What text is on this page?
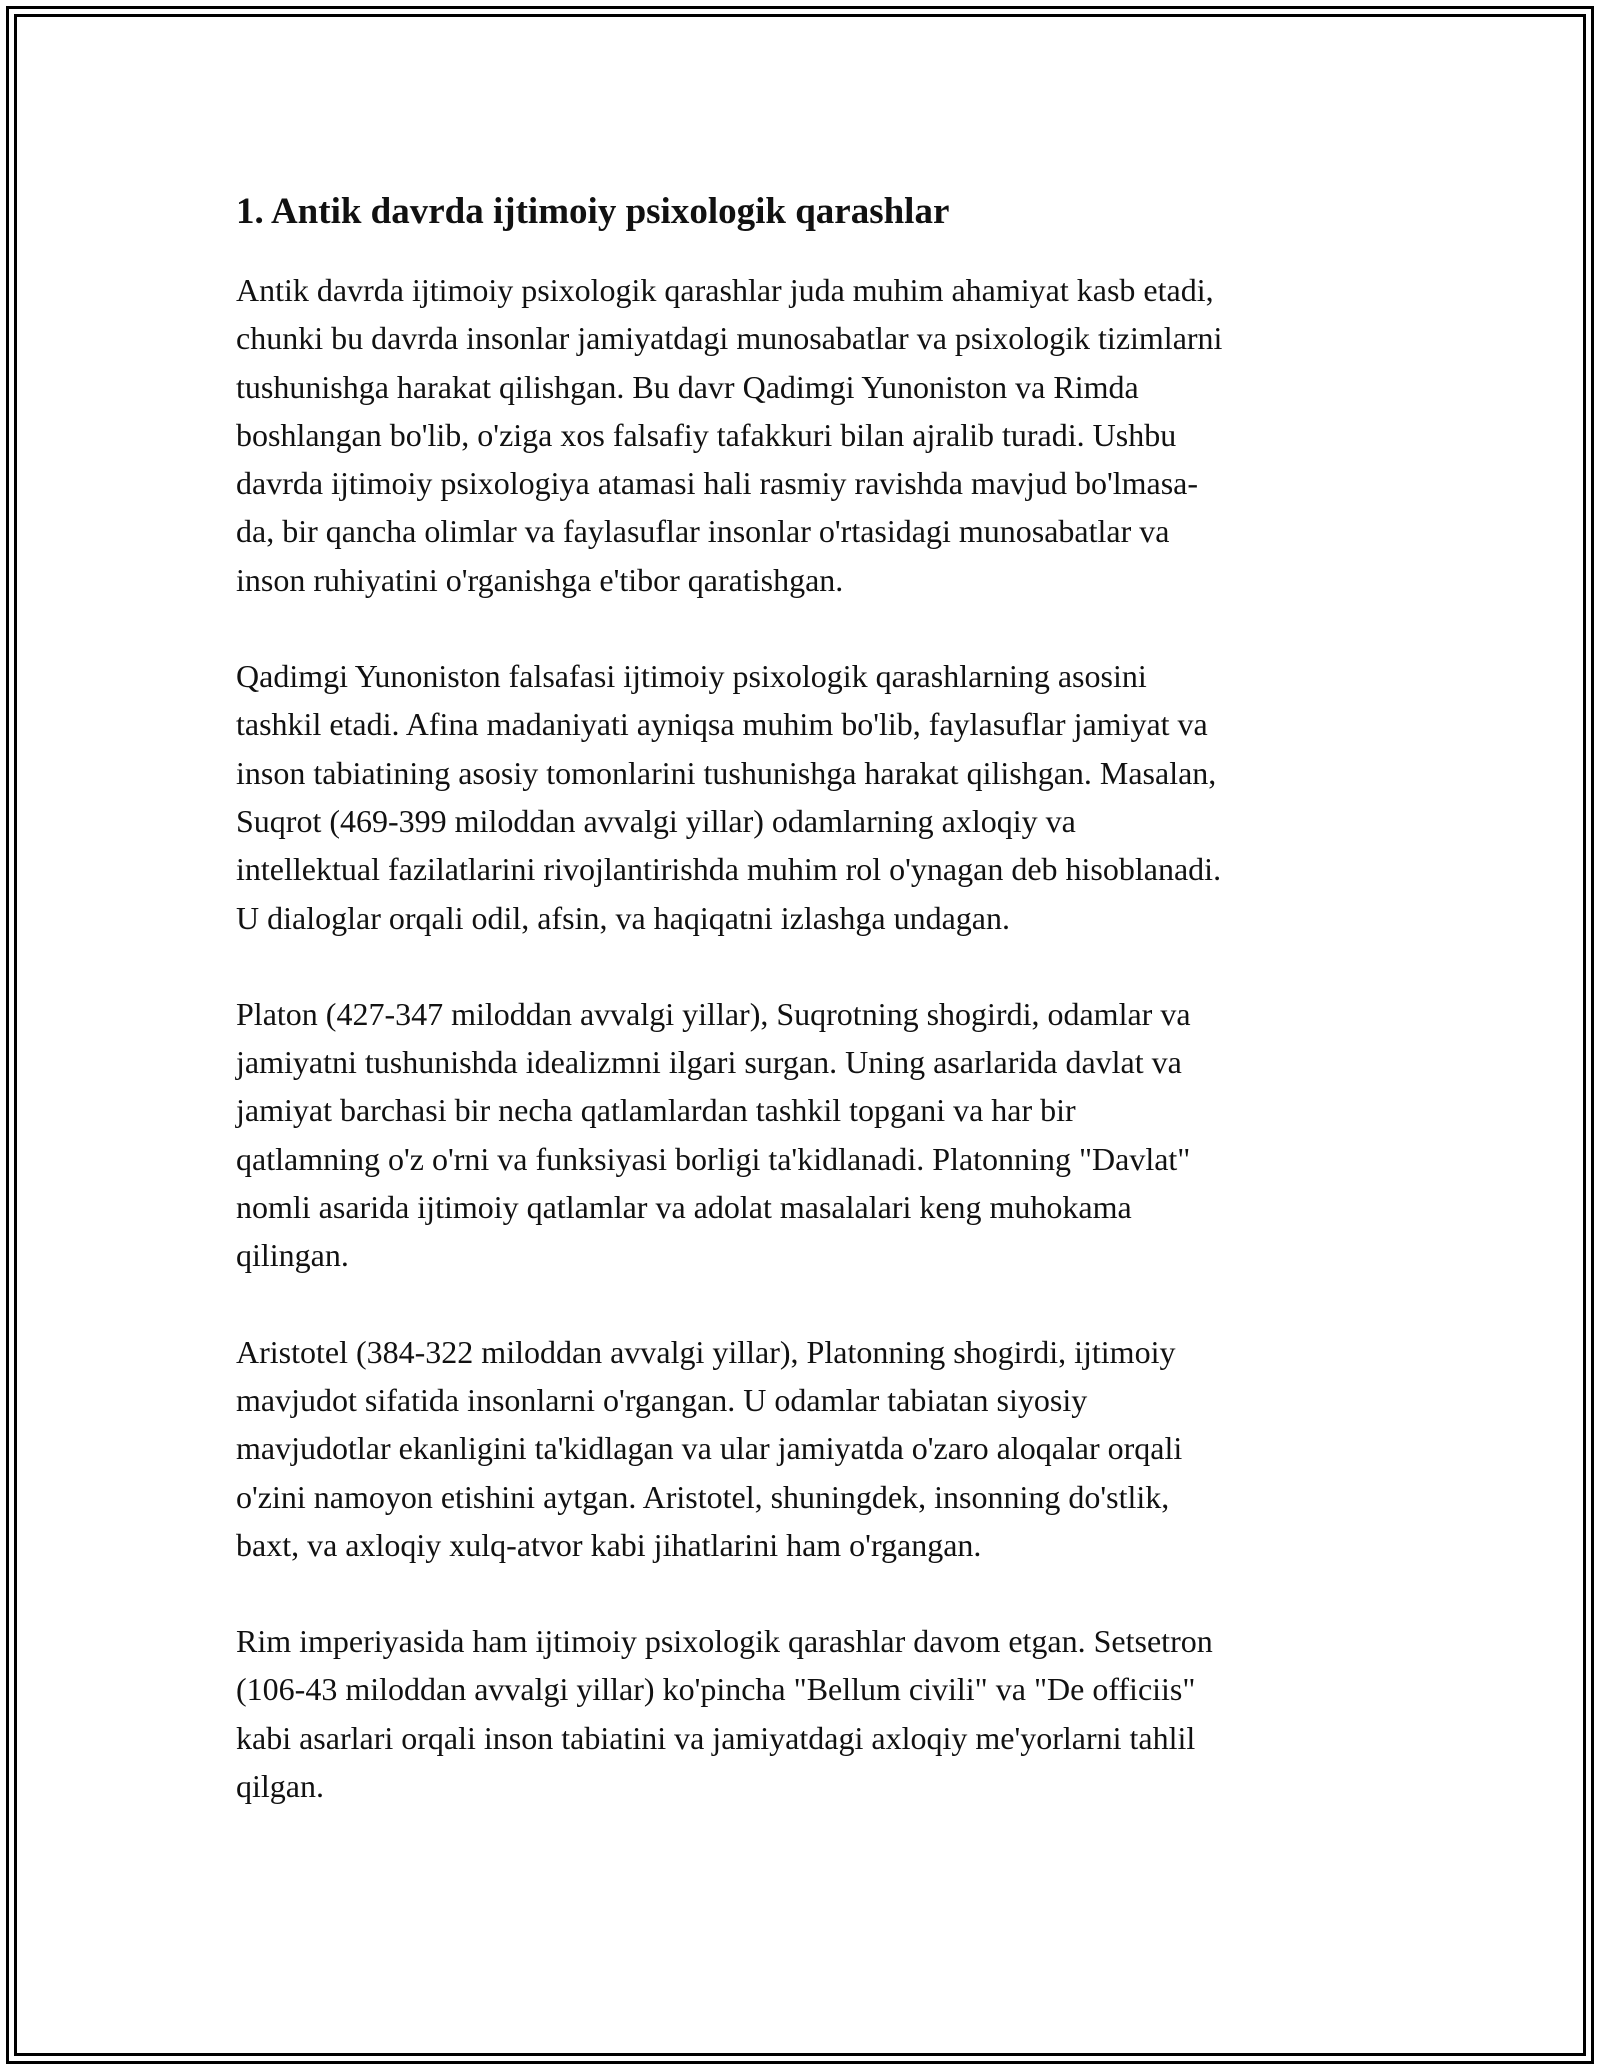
1. Antik davrda ijtimoiy psixologik qarashlar

Antik davrda ijtimoiy psixologik qarashlar juda muhim ahamiyat kasb etadi,
chunki bu davrda insonlar jamiyatdagi munosabatlar va psixologik tizimlarni
tushunishga harakat qilishgan. Bu davr Qadimgi Yunoniston va Rimda
boshlangan bo'lib, o'ziga xos falsafiy tafakkuri bilan ajralib turadi. Ushbu
davrda ijtimoiy psixologiya atamasi hali rasmiy ravishda mavjud bo'lmasa-
da, bir qancha olimlar va faylasuflar insonlar o'rtasidagi munosabatlar va
inson ruhiyatini o'rganishga e'tibor qaratishgan.

Qadimgi Yunoniston falsafasi ijtimoiy psixologik qarashlarning asosini
tashkil etadi. Afina madaniyati ayniqsa muhim bo'lib, faylasuflar jamiyat va
inson tabiatining asosiy tomonlarini tushunishga harakat qilishgan. Masalan,
Suqrot (469-399 miloddan avvalgi yillar) odamlarning axloqiy va
intellektual fazilatlarini rivojlantirishda muhim rol o'ynagan deb hisoblanadi.
U dialoglar orqali odil, afsin, va haqiqatni izlashga undagan.

Platon (427-347 miloddan avvalgi yillar), Suqrotning shogirdi, odamlar va
jamiyatni tushunishda idealizmni ilgari surgan. Uning asarlarida davlat va
jamiyat barchasi bir necha qatlamlardan tashkil topgani va har bir
qatlamning o'z o'rni va funksiyasi borligi ta'kidlanadi. Platonning "Davlat"
nomli asarida ijtimoiy qatlamlar va adolat masalalari keng muhokama
qilingan.

Aristotel (384-322 miloddan avvalgi yillar), Platonning shogirdi, ijtimoiy
mavjudot sifatida insonlarni o'rgangan. U odamlar tabiatan siyosiy
mavjudotlar ekanligini ta'kidlagan va ular jamiyatda o'zaro aloqalar orqali
o'zini namoyon etishini aytgan. Aristotel, shuningdek, insonning do'stlik,
baxt, va axloqiy xulq-atvor kabi jihatlarini ham o'rgangan.

Rim imperiyasida ham ijtimoiy psixologik qarashlar davom etgan. Setsetron
(106-43 miloddan avvalgi yillar) ko'pincha "Bellum civili" va "De officiis"
kabi asarlari orqali inson tabiatini va jamiyatdagi axloqiy me'yorlarni tahlil
qilgan.
